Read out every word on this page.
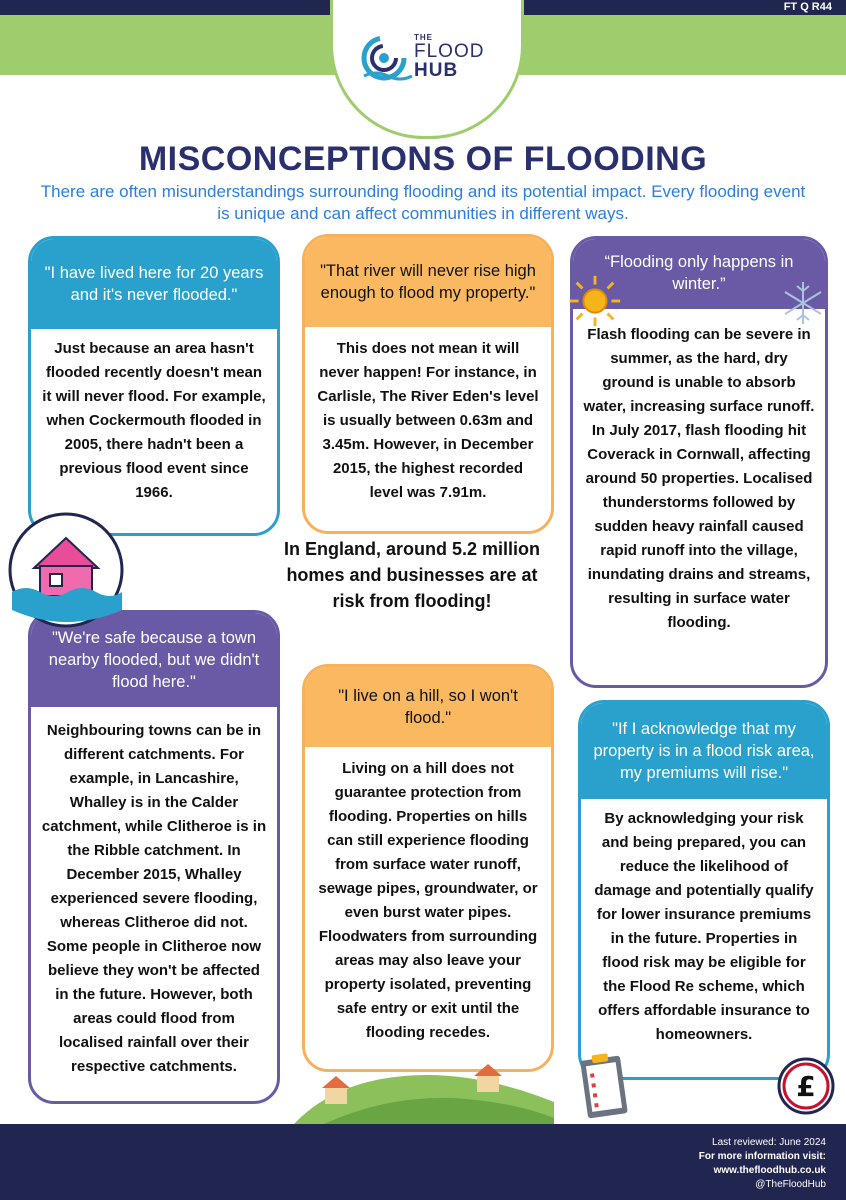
FT Q R44
THE
FLOOD
HUB
MISCONCEPTIONS OF FLOODING
There are often misunderstandings surrounding flooding and its potential impact. Every flooding event is unique and can affect communities in different ways.
"I have lived here for 20 years and it's never flooded."
Just because an area hasn't flooded recently doesn't mean it will never flood. For example, when Cockermouth flooded in 2005, there hadn't been a previous flood event since 1966.
"That river will never rise high enough to flood my property."
This does not mean it will never happen! For instance, in Carlisle, The River Eden's level is usually between 0.63m and 3.45m. However, in December 2015, the highest recorded level was 7.91m.
“Flooding only happens in winter.”
Flash flooding can be severe in summer, as the hard, dry ground is unable to absorb water, increasing surface runoff. In July 2017, flash flooding hit Coverack in Cornwall, affecting around 50 properties. Localised thunderstorms followed by sudden heavy rainfall caused rapid runoff into the village, inundating drains and streams, resulting in surface water flooding.
"We're safe because a town nearby flooded, but we didn't flood here."
Neighbouring towns can be in different catchments. For example, in Lancashire, Whalley is in the Calder catchment, while Clitheroe is in the Ribble catchment. In December 2015, Whalley experienced severe flooding, whereas Clitheroe did not. Some people in Clitheroe now believe they won't be affected in the future. However, both areas could flood from localised rainfall over their respective catchments.
"I live on a hill, so I won't flood."
Living on a hill does not guarantee protection from flooding. Properties on hills can still experience flooding from surface water runoff, sewage pipes, groundwater, or even burst water pipes. Floodwaters from surrounding areas may also leave your property isolated, preventing safe entry or exit until the flooding recedes.
"If I acknowledge that my property is in a flood risk area, my premiums will rise."
By acknowledging your risk and being prepared, you can reduce the likelihood of damage and potentially qualify for lower insurance premiums in the future. Properties in flood risk may be eligible for the Flood Re scheme, which offers affordable insurance to homeowners.
In England, around 5.2 million homes and businesses are at risk from flooding!
£
Last reviewed: June 2024
For more information visit:
www.thefloodhub.co.uk
@TheFloodHub
